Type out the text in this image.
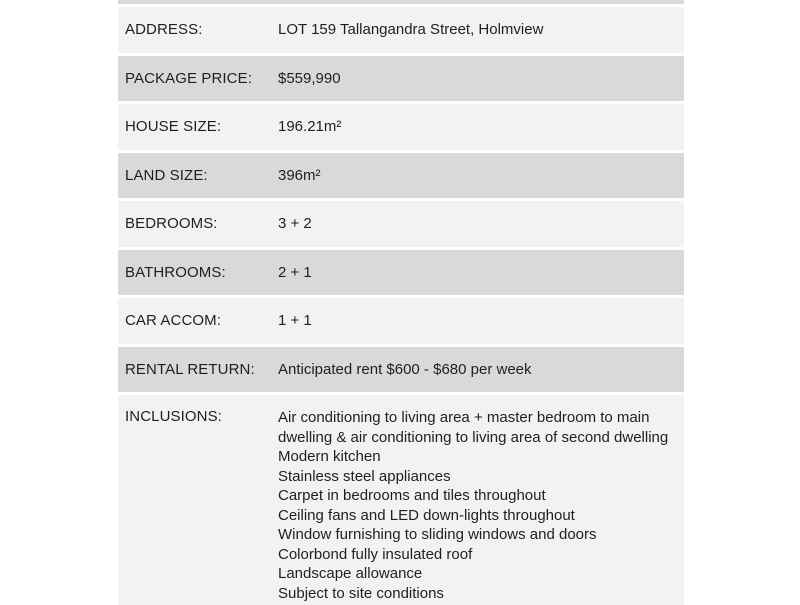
ADDRESS:	LOT 159 Tallangandra Street, Holmview
PACKAGE PRICE:	$559,990
HOUSE SIZE:	196.21m²
LAND SIZE:	396m²
BEDROOMS:	3 + 2
BATHROOMS:	2 + 1
CAR ACCOM:	1 + 1
RENTAL RETURN:	Anticipated rent $600 - $680 per week
INCLUSIONS:	Air conditioning to living area + master bedroom to main dwelling & air conditioning to living area of second dwelling
Modern kitchen
Stainless steel appliances
Carpet in bedrooms and tiles throughout
Ceiling fans and LED down-lights throughout
Window furnishing to sliding windows and doors
Colorbond fully insulated roof
Landscape allowance
Subject to site conditions
